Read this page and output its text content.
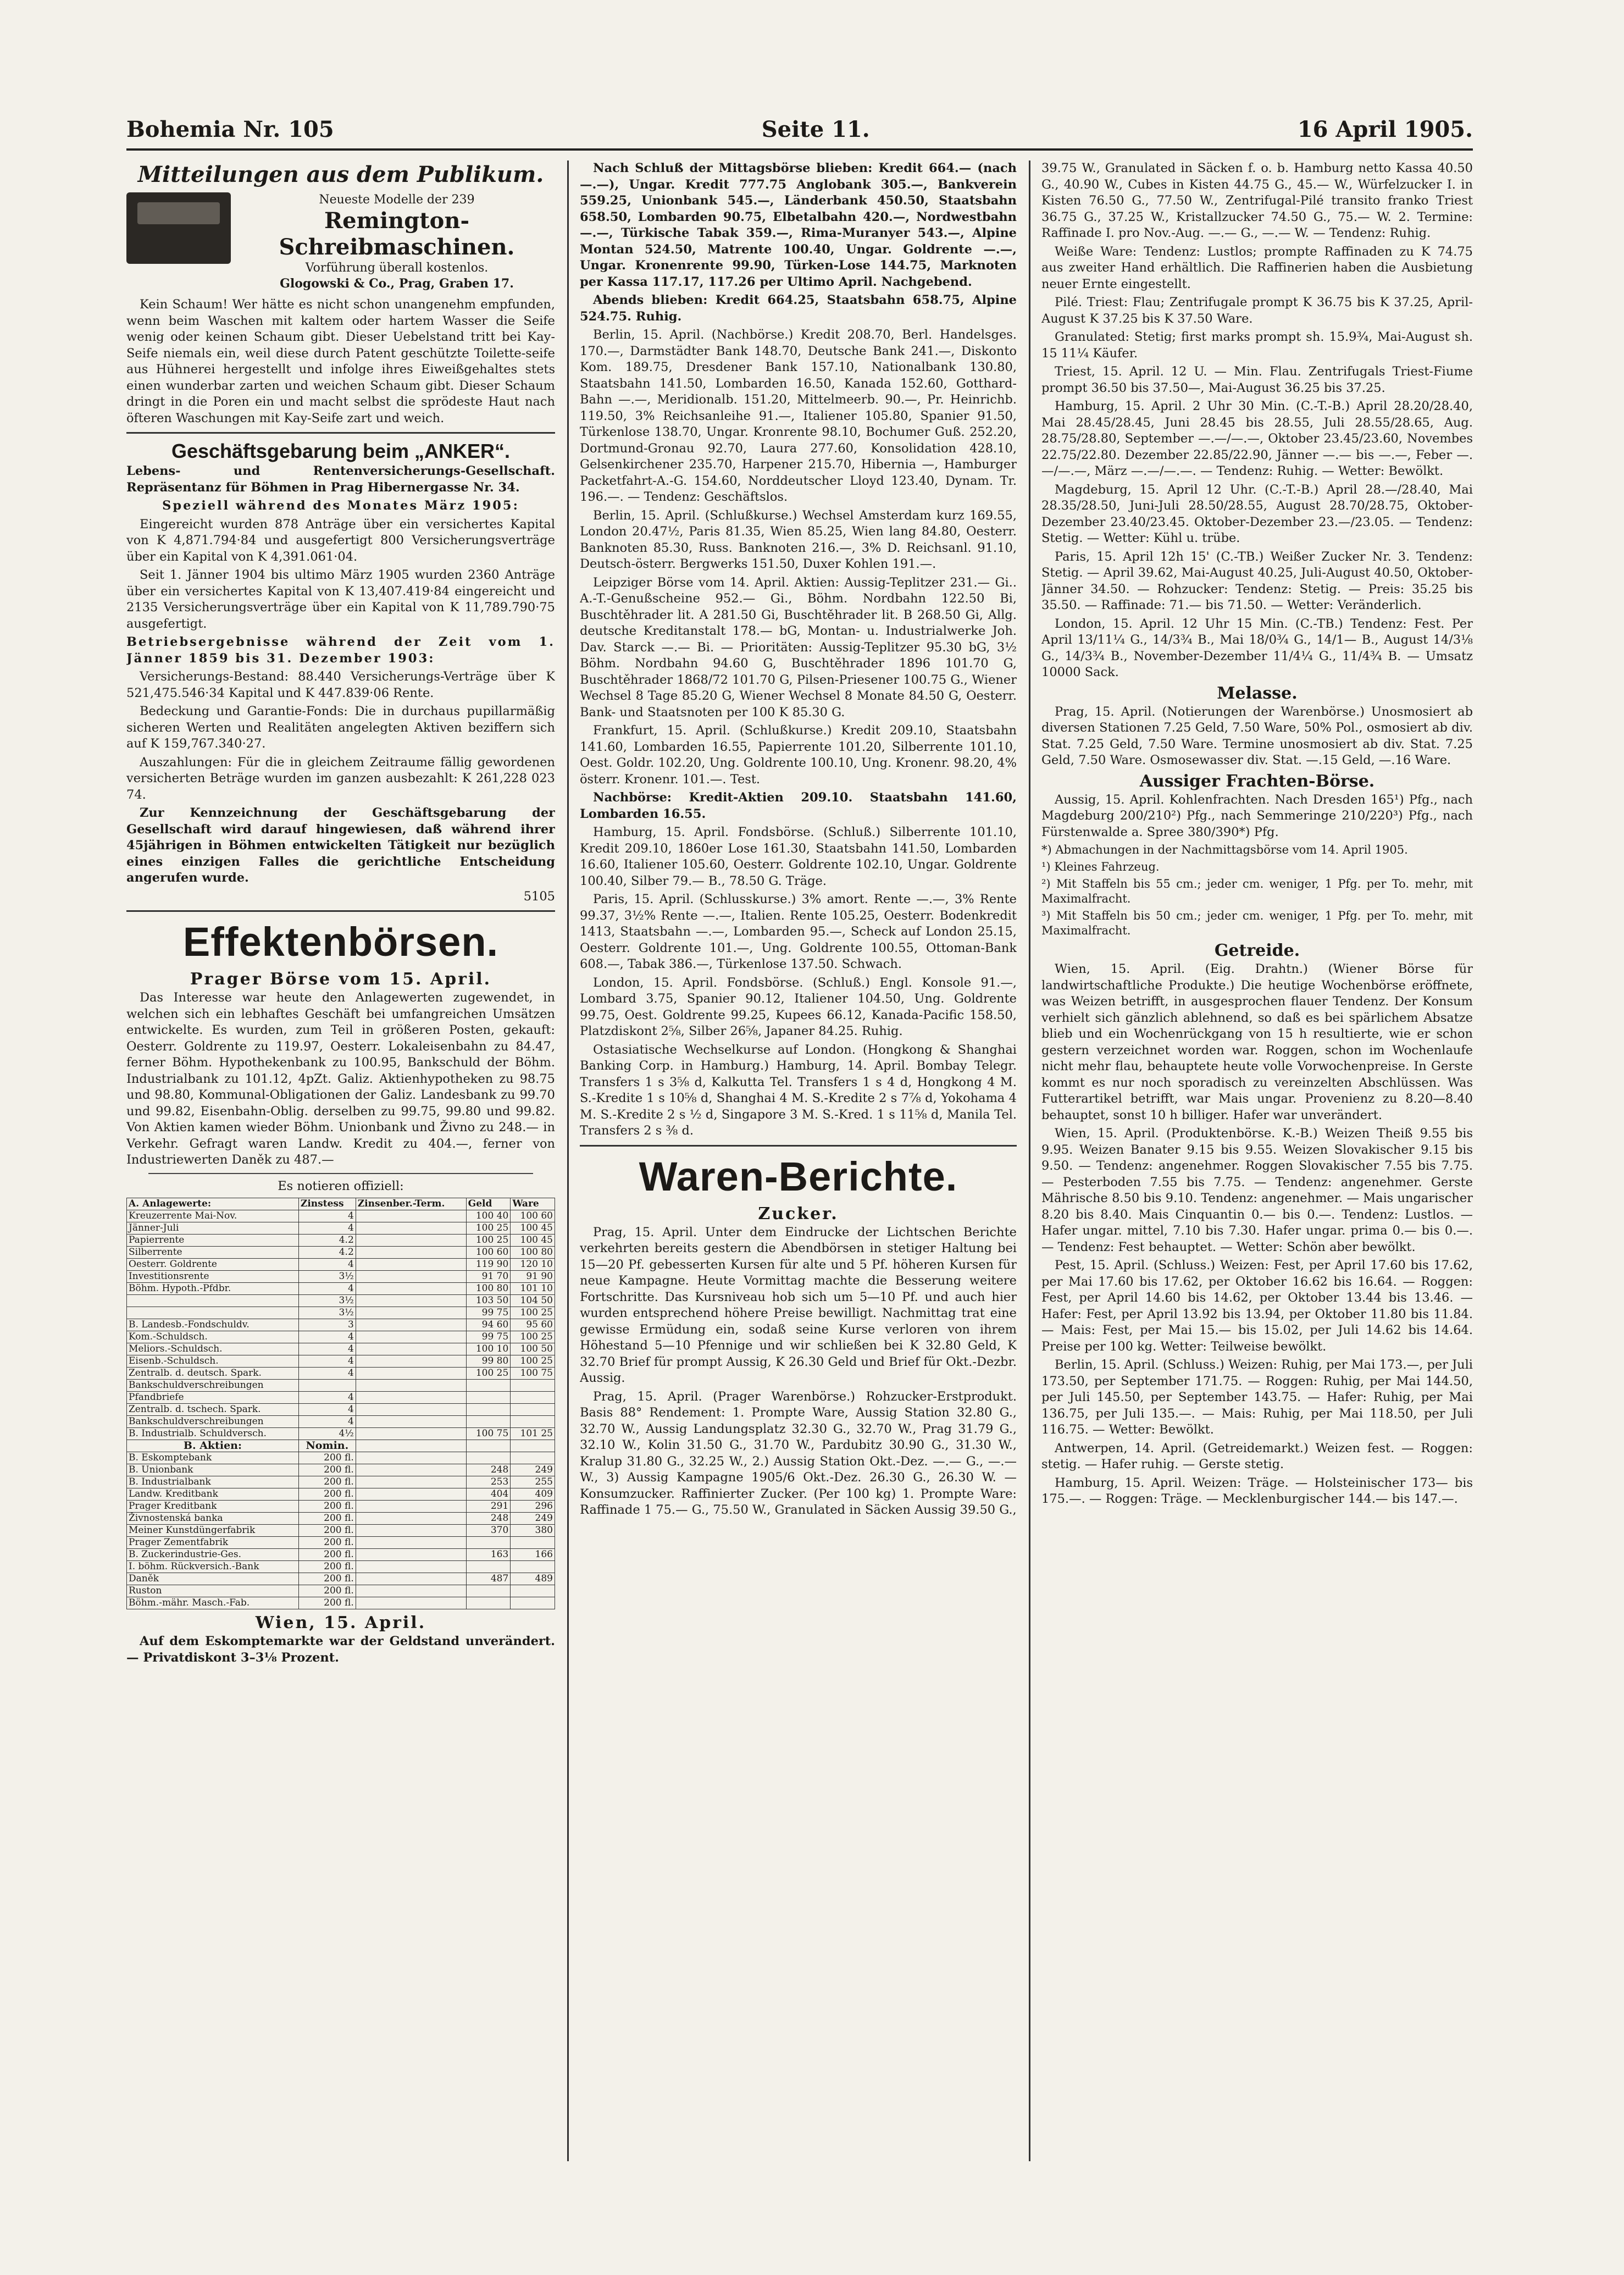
Bohemia Nr. 105	Seite 11.	16 April 1905.
Mitteilungen aus dem Publikum.
Neueste Modelle der 239
Remington-Schreibmaschinen.
Vorführung überall kostenlos.
Glogowski & Co., Prag, Graben 17.

Kein Schaum! Wer hätte es nicht schon unangenehm empfunden, wenn beim Waschen mit kaltem oder hartem Wasser die Seife wenig oder keinen Schaum gibt. Dieser Uebelstand tritt bei Kay-Seife niemals ein, weil diese durch Patent geschützte Toilette-seife aus Hühnerei hergestellt und infolge ihres Eiweißgehaltes stets einen wunderbar zarten und weichen Schaum gibt. Dieser Schaum dringt in die Poren ein und macht selbst die sprödeste Haut nach öfteren Waschungen mit Kay-Seife zart und weich.

Geschäftsgebarung beim „ANKER“.

Lebens- und Rentenversicherungs-Gesellschaft. Repräsentanz für Böhmen in Prag Hibernergasse Nr. 34.

Speziell während des Monates März 1905:

Eingereicht wurden 878 Anträge über ein versichertes Kapital von K 4,871.794·84 und ausgefertigt 800 Versicherungsverträge über ein Kapital von K 4,391.061·04.

Seit 1. Jänner 1904 bis ultimo März 1905 wurden 2360 Anträge über ein versichertes Kapital von K 13,407.419·84 eingereicht und 2135 Versicherungsverträge über ein Kapital von K 11,789.790·75 ausgefertigt.

Betriebsergebnisse während der Zeit vom 1. Jänner 1859 bis 31. Dezember 1903:

Versicherungs-Bestand: 88.440 Versicherungs-Verträge über K 521,475.546·34 Kapital und K 447.839·06 Rente.

Bedeckung und Garantie-Fonds: Die in durchaus pupillarmäßig sicheren Werten und Realitäten angelegten Aktiven beziffern sich auf K 159,767.340·27.

Auszahlungen: Für die in gleichem Zeitraume fällig gewordenen versicherten Beträge wurden im ganzen ausbezahlt: K 261,228 023 74.

Zur Kennzeichnung der Geschäftsgebarung der Gesellschaft wird darauf hingewiesen, daß während ihrer 45jährigen in Böhmen entwickelten Tätigkeit nur bezüglich eines einzigen Falles die gerichtliche Entscheidung angerufen wurde.

5105

Effektenbörsen.
Prager Börse vom 15. April.

Das Interesse war heute den Anlagewerten zugewendet, in welchen sich ein lebhaftes Geschäft bei umfangreichen Umsätzen entwickelte. Es wurden, zum Teil in größeren Posten, gekauft: Oesterr. Goldrente zu 119.97, Oesterr. Lokaleisenbahn zu 84.47, ferner Böhm. Hypothekenbank zu 100.95, Bankschuld der Böhm. Industrialbank zu 101.12, 4pZt. Galiz. Aktienhypotheken zu 98.75 und 98.80, Kommunal-Obligationen der Galiz. Landesbank zu 99.70 und 99.82, Eisenbahn-Oblig. derselben zu 99.75, 99.80 und 99.82. Von Aktien kamen wieder Böhm. Unionbank und Živno zu 248.— in Verkehr. Gefragt waren Landw. Kredit zu 404.—, ferner von Industriewerten Daněk zu 487.—

Es notieren offiziell:

A. Anlagewerte:	Zinstess	Zinsenber.-Term.	Geld	Ware
Kreuzerrente Mai-Nov.	4		100 40	100 60
Jänner-Juli	4		100 25	100 45
Papierrente	4.2		100 25	100 45
Silberrente	4.2		100 60	100 80
Oesterr. Goldrente	4		119 90	120 10
Investitionsrente	3½		91 70	91 90
Böhm. Hypoth.-Pfdbr.	4		100 80	101 10
	3½		103 50	104 50
	3½		99 75	100 25
B. Landesb.-Fondschuldv.	3		94 60	95 60
Kom.-Schuldsch.	4		99 75	100 25
Meliors.-Schuldsch.	4		100 10	100 50
Eisenb.-Schuldsch.	4		99 80	100 25
Zentralb. d. deutsch. Spark.	4		100 25	100 75
Bankschuldverschreibungen				
Pfandbriefe	4			
Zentralb. d. tschech. Spark.	4			
Bankschuldverschreibungen	4			
B. Industrialb. Schuldversch.	4½		100 75	101 25
B. Aktien:	Nomin.			
B. Eskomptebank	200 fl.			
B. Unionbank	200 fl.		248	249
B. Industrialbank	200 fl.		253	255
Landw. Kreditbank	200 fl.		404	409
Prager Kreditbank	200 fl.		291	296
Živnostenská banka	200 fl.		248	249
Meiner Kunstdüngerfabrik	200 fl.		370	380
Prager Zementfabrik	200 fl.			
B. Zuckerindustrie-Ges.	200 fl.		163	166
I. böhm. Rückversich.-Bank	200 fl.			
Daněk	200 fl.		487	489
Ruston	200 fl.			
Böhm.-mähr. Masch.-Fab.	200 fl.			
Wien, 15. April.

Auf dem Eskomptemarkte war der Geldstand unverändert. — Privatdiskont 3–3⅛ Prozent.

Nach Schluß der Mittagsbörse blieben: Kredit 664.— (nach —.—), Ungar. Kredit 777.75 Anglobank 305.—, Bankverein 559.25, Unionbank 545.—, Länderbank 450.50, Staatsbahn 658.50, Lombarden 90.75, Elbetalbahn 420.—, Nordwestbahn —.—, Türkische Tabak 359.—, Rima-Muranyer 543.—, Alpine Montan 524.50, Matrente 100.40, Ungar. Goldrente —.—, Ungar. Kronenrente 99.90, Türken-Lose 144.75, Marknoten per Kassa 117.17, 117.26 per Ultimo April. Nachgebend.

Abends blieben: Kredit 664.25, Staatsbahn 658.75, Alpine 524.75. Ruhig.

Berlin, 15. April. (Nachbörse.) Kredit 208.70, Berl. Handelsges. 170.—, Darmstädter Bank 148.70, Deutsche Bank 241.—, Diskonto Kom. 189.75, Dresdener Bank 157.10, Nationalbank 130.80, Staatsbahn 141.50, Lombarden 16.50, Kanada 152.60, Gotthard-Bahn —.—, Meridionalb. 151.20, Mittelmeerb. 90.—, Pr. Heinrichb. 119.50, 3% Reichsanleihe 91.—, Italiener 105.80, Spanier 91.50, Türkenlose 138.70, Ungar. Kronrente 98.10, Bochumer Guß. 252.20, Dortmund-Gronau 92.70, Laura 277.60, Konsolidation 428.10, Gelsenkirchener 235.70, Harpener 215.70, Hibernia —, Hamburger Packetfahrt-A.-G. 154.60, Norddeutscher Lloyd 123.40, Dynam. Tr. 196.—. — Tendenz: Geschäftslos.

Berlin, 15. April. (Schlußkurse.) Wechsel Amsterdam kurz 169.55, London 20.47½, Paris 81.35, Wien 85.25, Wien lang 84.80, Oesterr. Banknoten 85.30, Russ. Banknoten 216.—, 3% D. Reichsanl. 91.10, Deutsch-österr. Bergwerks 151.50, Duxer Kohlen 191.—.

Leipziger Börse vom 14. April. Aktien: Aussig-Teplitzer 231.— Gi.. A.-T.-Genußscheine 952.— Gi., Böhm. Nordbahn 122.50 Bi, Buschtěhrader lit. A 281.50 Gi, Buschtěhrader lit. B 268.50 Gi, Allg. deutsche Kreditanstalt 178.— bG, Montan- u. Industrialwerke Joh. Dav. Starck —.— Bi. — Prioritäten: Aussig-Teplitzer 95.30 bG, 3½ Böhm. Nordbahn 94.60 G, Buschtěhrader 1896 101.70 G, Buschtěhrader 1868/72 101.70 G, Pilsen-Priesener 100.75 G., Wiener Wechsel 8 Tage 85.20 G, Wiener Wechsel 8 Monate 84.50 G, Oesterr. Bank- und Staatsnoten per 100 K 85.30 G.

Frankfurt, 15. April. (Schlußkurse.) Kredit 209.10, Staatsbahn 141.60, Lombarden 16.55, Papierrente 101.20, Silberrente 101.10, Oest. Goldr. 102.20, Ung. Goldrente 100.10, Ung. Kronenr. 98.20, 4% österr. Kronenr. 101.—. Test.

Nachbörse: Kredit-Aktien 209.10. Staatsbahn 141.60, Lombarden 16.55.

Hamburg, 15. April. Fondsbörse. (Schluß.) Silberrente 101.10, Kredit 209.10, 1860er Lose 161.30, Staatsbahn 141.50, Lombarden 16.60, Italiener 105.60, Oesterr. Goldrente 102.10, Ungar. Goldrente 100.40, Silber 79.— B., 78.50 G. Träge.

Paris, 15. April. (Schlusskurse.) 3% amort. Rente —.—, 3% Rente 99.37, 3½% Rente —.—, Italien. Rente 105.25, Oesterr. Bodenkredit 1413, Staatsbahn —.—, Lombarden 95.—, Scheck auf London 25.15, Oesterr. Goldrente 101.—, Ung. Goldrente 100.55, Ottoman-Bank 608.—, Tabak 386.—, Türkenlose 137.50. Schwach.

London, 15. April. Fondsbörse. (Schluß.) Engl. Konsole 91.—, Lombard 3.75, Spanier 90.12, Italiener 104.50, Ung. Goldrente 99.75, Oest. Goldrente 99.25, Kupees 66.12, Kanada-Pacific 158.50, Platzdiskont 2⅝, Silber 26⅝, Japaner 84.25. Ruhig.

Ostasiatische Wechselkurse auf London. (Hongkong & Shanghai Banking Corp. in Hamburg.) Hamburg, 14. April. Bombay Telegr. Transfers 1 s 3⅝ d, Kalkutta Tel. Transfers 1 s 4 d, Hongkong 4 M. S.-Kredite 1 s 10⅝ d, Shanghai 4 M. S.-Kredite 2 s 7⅞ d, Yokohama 4 M. S.-Kredite 2 s ½ d, Singapore 3 M. S.-Kred. 1 s 11⅝ d, Manila Tel. Transfers 2 s ⅜ d.

Waren-Berichte.
Zucker.

Prag, 15. April. Unter dem Eindrucke der Lichtschen Berichte verkehrten bereits gestern die Abendbörsen in stetiger Haltung bei 15—20 Pf. gebesserten Kursen für alte und 5 Pf. höheren Kursen für neue Kampagne. Heute Vormittag machte die Besserung weitere Fortschritte. Das Kursniveau hob sich um 5—10 Pf. und auch hier wurden entsprechend höhere Preise bewilligt. Nachmittag trat eine gewisse Ermüdung ein, sodaß seine Kurse verloren von ihrem Höhestand 5—10 Pfennige und wir schließen bei K 32.80 Geld, K 32.70 Brief für prompt Aussig, K 26.30 Geld und Brief für Okt.-Dezbr. Aussig.

Prag, 15. April. (Prager Warenbörse.) Rohzucker-Erstprodukt. Basis 88° Rendement: 1. Prompte Ware, Aussig Station 32.80 G., 32.70 W., Aussig Landungsplatz 32.30 G., 32.70 W., Prag 31.79 G., 32.10 W., Kolin 31.50 G., 31.70 W., Pardubitz 30.90 G., 31.30 W., Kralup 31.80 G., 32.25 W., 2.) Aussig Station Okt.-Dez. —.— G., —.— W., 3) Aussig Kampagne 1905/6 Okt.-Dez. 26.30 G., 26.30 W. — Konsumzucker. Raffinierter Zucker. (Per 100 kg) 1. Prompte Ware: Raffinade 1 75.— G., 75.50 W., Granulated in Säcken Aussig 39.50 G.,

39.75 W., Granulated in Säcken f. o. b. Hamburg netto Kassa 40.50 G., 40.90 W., Cubes in Kisten 44.75 G., 45.— W., Würfelzucker I. in Kisten 76.50 G., 77.50 W., Zentrifugal-Pilé transito franko Triest 36.75 G., 37.25 W., Kristallzucker 74.50 G., 75.— W. 2. Termine: Raffinade I. pro Nov.-Aug. —.— G., —.— W. — Tendenz: Ruhig.

Weiße Ware: Tendenz: Lustlos; prompte Raffinaden zu K 74.75 aus zweiter Hand erhältlich. Die Raffinerien haben die Ausbietung neuer Ernte eingestellt.

Pilé. Triest: Flau; Zentrifugale prompt K 36.75 bis K 37.25, April-August K 37.25 bis K 37.50 Ware.

Granulated: Stetig; first marks prompt sh. 15.9¾, Mai-August sh. 15 11¼ Käufer.

Triest, 15. April. 12 U. — Min. Flau. Zentrifugals Triest-Fiume prompt 36.50 bis 37.50—, Mai-August 36.25 bis 37.25.

Hamburg, 15. April. 2 Uhr 30 Min. (C.-T.-B.) April 28.20/28.40, Mai 28.45/28.45, Juni 28.45 bis 28.55, Juli 28.55/28.65, Aug. 28.75/28.80, September —.—/—.—, Oktober 23.45/23.60, Novembes 22.75/22.80. Dezember 22.85/22.90, Jänner —.— bis —.—, Feber —.—/—.—, März —.—/—.—. — Tendenz: Ruhig. — Wetter: Bewölkt.

Magdeburg, 15. April 12 Uhr. (C.-T.-B.) April 28.—/28.40, Mai 28.35/28.50, Juni-Juli 28.50/28.55, August 28.70/28.75, Oktober-Dezember 23.40/23.45. Oktober-Dezember 23.—/23.05. — Tendenz: Stetig. — Wetter: Kühl u. trübe.

Paris, 15. April 12h 15' (C.-TB.) Weißer Zucker Nr. 3. Tendenz: Stetig. — April 39.62, Mai-August 40.25, Juli-August 40.50, Oktober-Jänner 34.50. — Rohzucker: Tendenz: Stetig. — Preis: 35.25 bis 35.50. — Raffinade: 71.— bis 71.50. — Wetter: Veränderlich.

London, 15. April. 12 Uhr 15 Min. (C.-TB.) Tendenz: Fest. Per April 13/11¼ G., 14/3¾ B., Mai 18/0¾ G., 14/1— B., August 14/3⅛ G., 14/3¾ B., November-Dezember 11/4¼ G., 11/4¾ B. — Umsatz 10000 Sack.

Melasse.

Prag, 15. April. (Notierungen der Warenbörse.) Unosmosiert ab diversen Stationen 7.25 Geld, 7.50 Ware, 50% Pol., osmosiert ab div. Stat. 7.25 Geld, 7.50 Ware. Termine unosmosiert ab div. Stat. 7.25 Geld, 7.50 Ware. Osmosewasser div. Stat. —.15 Geld, —.16 Ware.

Aussiger Frachten-Börse.

Aussig, 15. April. Kohlenfrachten. Nach Dresden 165¹) Pfg., nach Magdeburg 200/210²) Pfg., nach Semmeringe 210/220³) Pfg., nach Fürstenwalde a. Spree 380/390*) Pfg.

*) Abmachungen in der Nachmittagsbörse vom 14. April 1905.

¹) Kleines Fahrzeug.

²) Mit Staffeln bis 55 cm.; jeder cm. weniger, 1 Pfg. per To. mehr, mit Maximalfracht.

³) Mit Staffeln bis 50 cm.; jeder cm. weniger, 1 Pfg. per To. mehr, mit Maximalfracht.

Getreide.

Wien, 15. April. (Eig. Drahtn.) (Wiener Börse für landwirtschaftliche Produkte.) Die heutige Wochenbörse eröffnete, was Weizen betrifft, in ausgesprochen flauer Tendenz. Der Konsum verhielt sich gänzlich ablehnend, so daß es bei spärlichem Absatze blieb und ein Wochenrückgang von 15 h resultierte, wie er schon gestern verzeichnet worden war. Roggen, schon im Wochenlaufe nicht mehr flau, behauptete heute volle Vorwochenpreise. In Gerste kommt es nur noch sporadisch zu vereinzelten Abschlüssen. Was Futterartikel betrifft, war Mais ungar. Provenienz zu 8.20—8.40 behauptet, sonst 10 h billiger. Hafer war unverändert.

Wien, 15. April. (Produktenbörse. K.-B.) Weizen Theiß 9.55 bis 9.95. Weizen Banater 9.15 bis 9.55. Weizen Slovakischer 9.15 bis 9.50. — Tendenz: angenehmer. Roggen Slovakischer 7.55 bis 7.75. — Pesterboden 7.55 bis 7.75. — Tendenz: angenehmer. Gerste Mährische 8.50 bis 9.10. Tendenz: angenehmer. — Mais ungarischer 8.20 bis 8.40. Mais Cinquantin 0.— bis 0.—. Tendenz: Lustlos. — Hafer ungar. mittel, 7.10 bis 7.30. Hafer ungar. prima 0.— bis 0.—. — Tendenz: Fest behauptet. — Wetter: Schön aber bewölkt.

Pest, 15. April. (Schluss.) Weizen: Fest, per April 17.60 bis 17.62, per Mai 17.60 bis 17.62, per Oktober 16.62 bis 16.64. — Roggen: Fest, per April 14.60 bis 14.62, per Oktober 13.44 bis 13.46. — Hafer: Fest, per April 13.92 bis 13.94, per Oktober 11.80 bis 11.84. — Mais: Fest, per Mai 15.— bis 15.02, per Juli 14.62 bis 14.64. Preise per 100 kg. Wetter: Teilweise bewölkt.

Berlin, 15. April. (Schluss.) Weizen: Ruhig, per Mai 173.—, per Juli 173.50, per September 171.75. — Roggen: Ruhig, per Mai 144.50, per Juli 145.50, per September 143.75. — Hafer: Ruhig, per Mai 136.75, per Juli 135.—. — Mais: Ruhig, per Mai 118.50, per Juli 116.75. — Wetter: Bewölkt.

Antwerpen, 14. April. (Getreidemarkt.) Weizen fest. — Roggen: stetig. — Hafer ruhig. — Gerste stetig.

Hamburg, 15. April. Weizen: Träge. — Holsteinischer 173— bis 175.—. — Roggen: Träge. — Mecklenburgischer 144.— bis 147.—.
